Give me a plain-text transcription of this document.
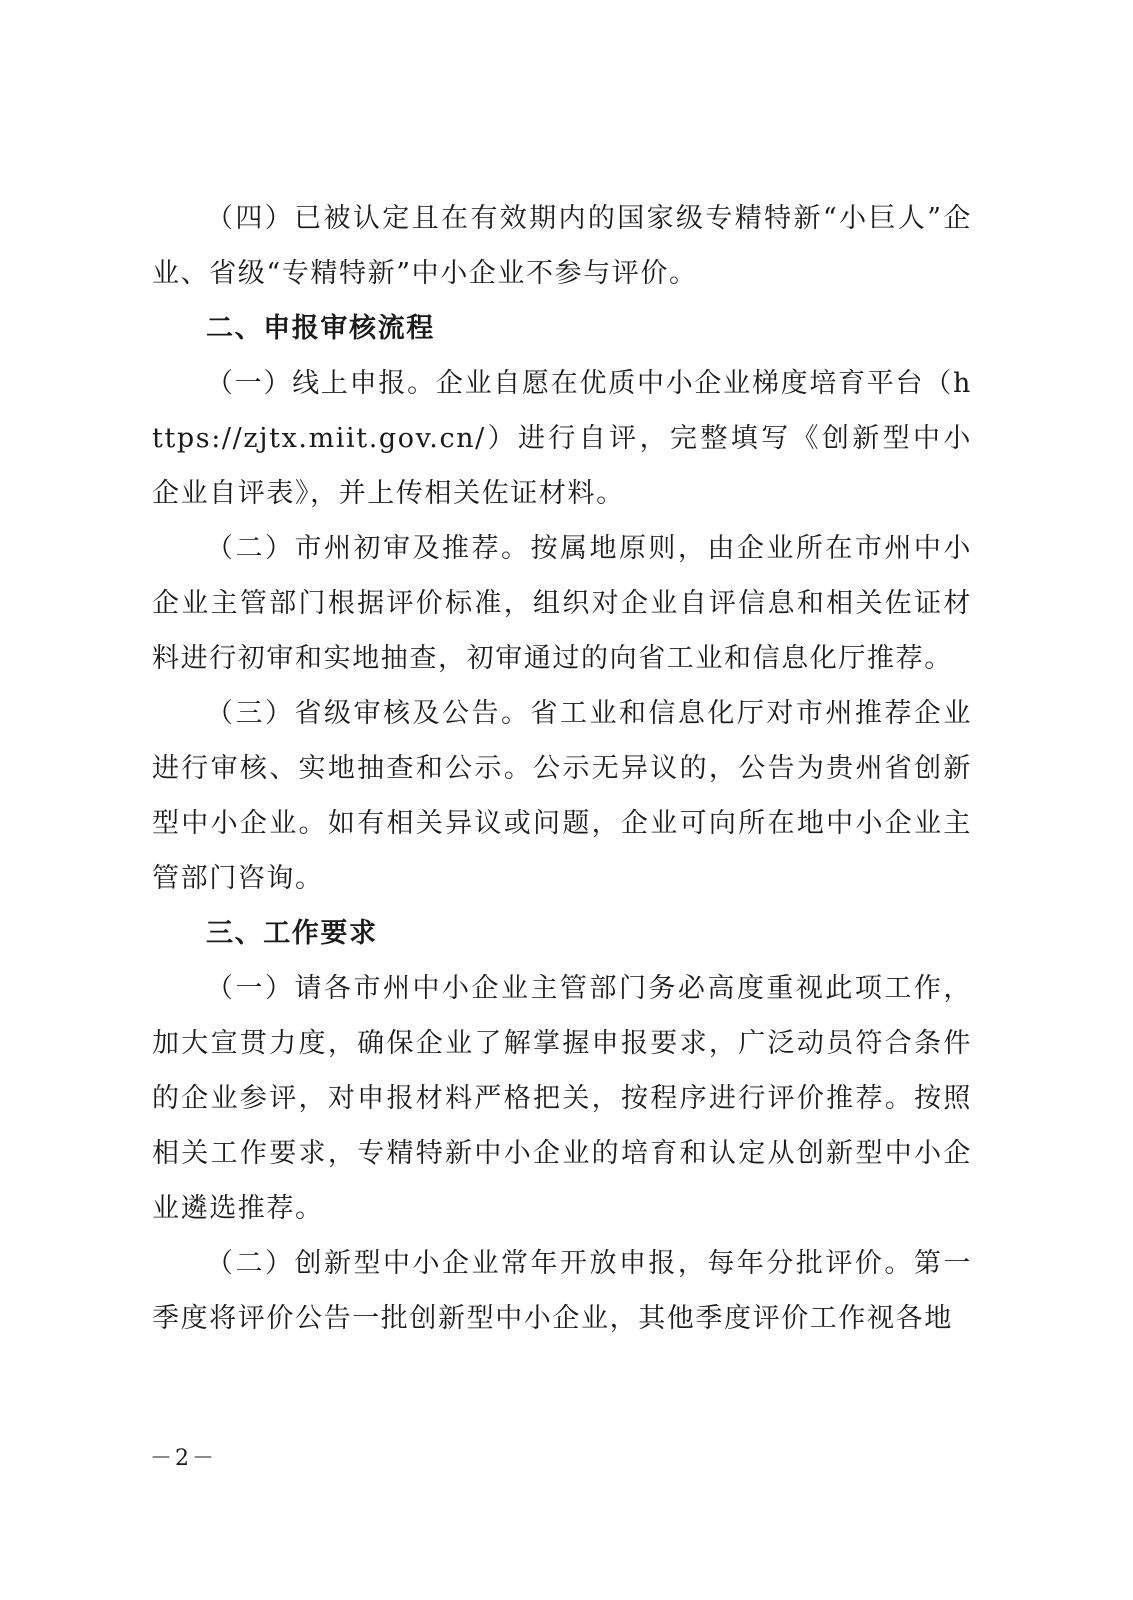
（四）已被认定且在有效期内的国家级专精特新“小巨人”企业、省级“专精特新”中小企业不参与评价。

二、申报审核流程

（一）线上申报。企业自愿在优质中小企业梯度培育平台（https://zjtx.miit.gov.cn/）进行自评，完整填写《创新型中小企业自评表》，并上传相关佐证材料。

（二）市州初审及推荐。按属地原则，由企业所在市州中小企业主管部门根据评价标准，组织对企业自评信息和相关佐证材料进行初审和实地抽查，初审通过的向省工业和信息化厅推荐。

（三）省级审核及公告。省工业和信息化厅对市州推荐企业进行审核、实地抽查和公示。公示无异议的，公告为贵州省创新型中小企业。如有相关异议或问题，企业可向所在地中小企业主管部门咨询。

三、工作要求

（一）请各市州中小企业主管部门务必高度重视此项工作，加大宣贯力度，确保企业了解掌握申报要求，广泛动员符合条件的企业参评，对申报材料严格把关，按程序进行评价推荐。按照相关工作要求，专精特新中小企业的培育和认定从创新型中小企业遴选推荐。

（二）创新型中小企业常年开放申报，每年分批评价。第一季度将评价公告一批创新型中小企业，其他季度评价工作视各地

－2－
